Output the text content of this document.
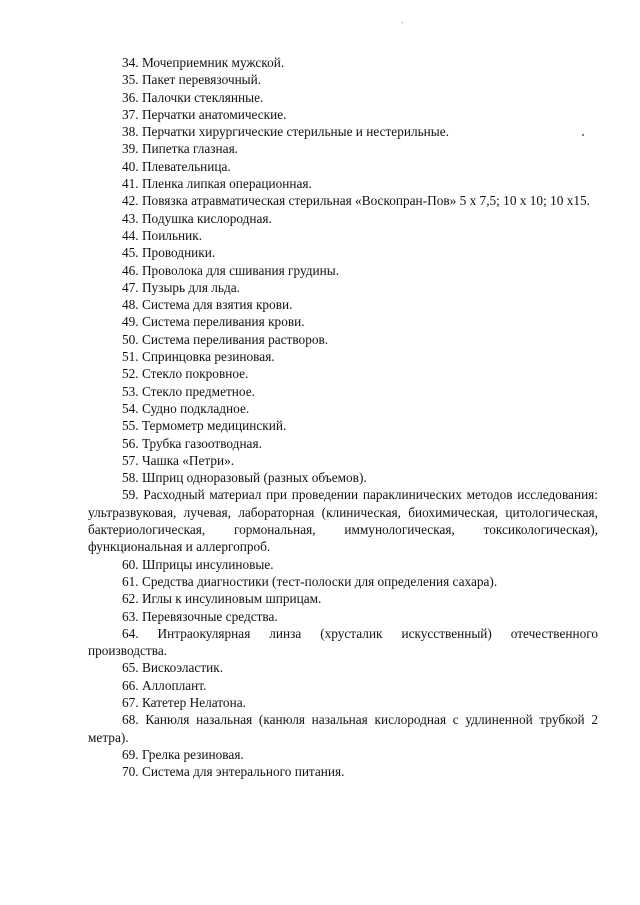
34. Мочеприемник мужской.

35. Пакет перевязочный.

36. Палочки стеклянные.

37. Перчатки анатомические.

38. Перчатки хирургические стерильные и нестерильные.

39. Пипетка глазная.

40. Плевательница.

41. Пленка липкая операционная.

42. Повязка атравматическая стерильная «Воскопран-Пов» 5 х 7,5; 10 х 10; 10 х15.

43. Подушка кислородная.

44. Поильник.

45. Проводники.

46. Проволока для сшивания грудины.

47. Пузырь для льда.

48. Система для взятия крови.

49. Система переливания крови.

50. Система переливания растворов.

51. Спринцовка резиновая.

52. Стекло покровное.

53. Стекло предметное.

54. Судно подкладное.

55. Термометр медицинский.

56. Трубка газоотводная.

57. Чашка «Петри».

58. Шприц одноразовый (разных объемов).

59. Расходный материал при проведении параклинических методов исследования: ультразвуковая, лучевая, лабораторная (клиническая, биохимическая, цитологическая, бактериологическая, гормональная, иммунологическая, токсикологическая), функциональная и аллергопроб.

60. Шприцы инсулиновые.

61. Средства диагностики (тест-полоски для определения сахара).

62. Иглы к инсулиновым шприцам.

63. Перевязочные средства.

64. Интраокулярная линза (хрусталик искусственный) отечественного производства.

65. Вискоэластик.

66. Аллоплант.

67. Катетер Нелатона.

68. Канюля назальная (канюля назальная кислородная с удлиненной трубкой 2 метра).

69. Грелка резиновая.

70. Система для энтерального питания.
